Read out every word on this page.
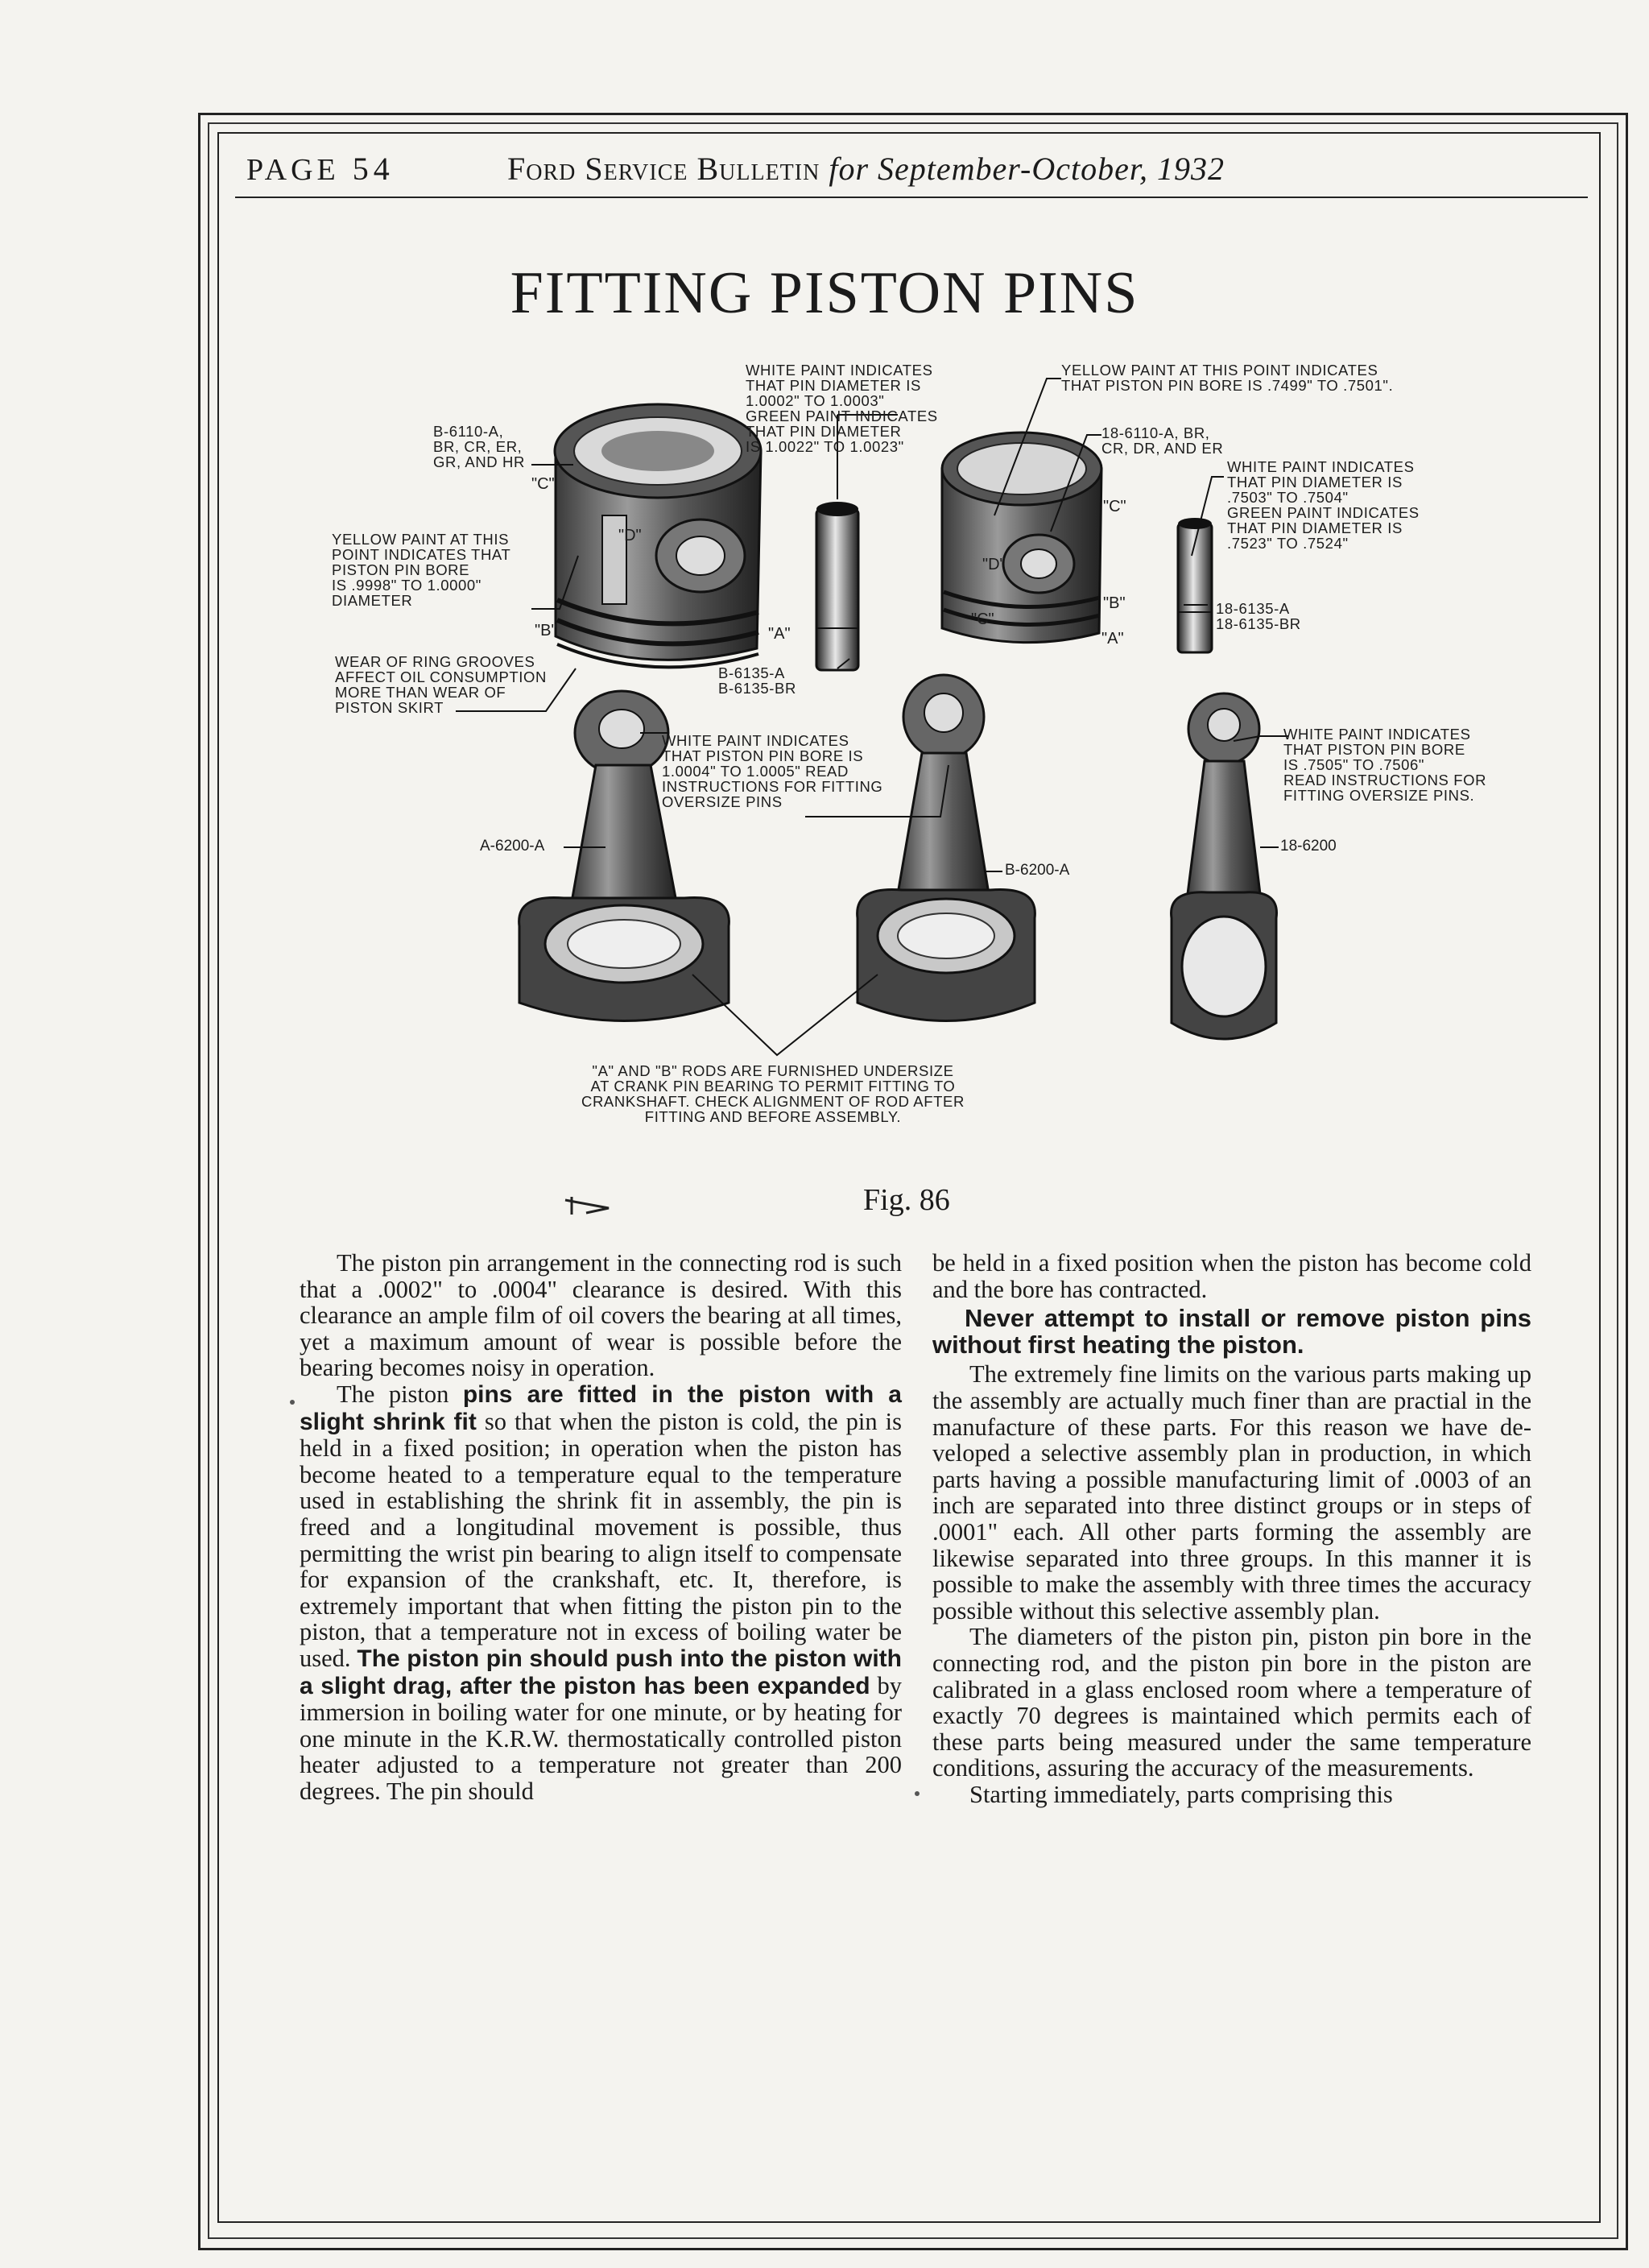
PAGE 54	Ford Service Bulletin for September-October, 1932
FITTING PISTON PINS
WHITE PAINT INDICATES
THAT PIN DIAMETER IS
1.0002" TO 1.0003"
GREEN PAINT INDICATES
THAT PIN DIAMETER
IS 1.0022" TO 1.0023"
YELLOW PAINT AT THIS POINT INDICATES
THAT PISTON PIN BORE IS .7499" TO .7501".
18-6110-A, BR,
CR, DR, AND ER
WHITE PAINT INDICATES
THAT PIN DIAMETER IS
.7503" TO .7504"
GREEN PAINT INDICATES
THAT PIN DIAMETER IS
.7523" TO .7524"
B-6110-A,
BR, CR, ER,
GR, AND HR
YELLOW PAINT AT THIS
POINT INDICATES THAT
PISTON PIN BORE
IS .9998" TO 1.0000"
DIAMETER
WEAR OF RING GROOVES
AFFECT OIL CONSUMPTION
MORE THAN WEAR OF
PISTON SKIRT
B-6135-A
B-6135-BR
18-6135-A
18-6135-BR
WHITE PAINT INDICATES
THAT PISTON PIN BORE IS
1.0004" TO 1.0005" READ
INSTRUCTIONS FOR FITTING
OVERSIZE PINS
WHITE PAINT INDICATES
THAT PISTON PIN BORE
IS .7505" TO .7506"
READ INSTRUCTIONS FOR
FITTING OVERSIZE PINS.
A-6200-A
B-6200-A
18-6200
"A" AND "B" RODS ARE FURNISHED UNDERSIZE
AT CRANK PIN BEARING TO PERMIT FITTING TO
CRANKSHAFT. CHECK ALIGNMENT OF ROD AFTER
FITTING AND BEFORE ASSEMBLY.
"C"
"D"
"B"	"A"
"C"
"D"
"C"
"B"
"A"
Fig. 86

The piston pin arrangement in the connecting rod is such that a .0002" to .0004" clearance is desired. With this clearance an ample film of oil covers the bearing at all times, yet a maximum amount of wear is possible before the bearing becomes noisy in operation.

The piston pins are fitted in the piston with a slight shrink fit so that when the piston is cold, the pin is held in a fixed position; in operation when the piston has become heated to a temperature equal to the temperature used in establishing the shrink fit in assembly, the pin is freed and a longitudinal movement is possible, thus permitting the wrist pin bearing to align itself to compensate for expansion of the crankshaft, etc. It, therefore, is extremely important that when fitting the piston pin to the piston, that a temperature not in excess of boiling water be used. The piston pin should push into the piston with a slight drag, after the piston has been expanded by immersion in boiling water for one minute, or by heating for one minute in the K.R.W. thermostatically controlled piston heater adjusted to a temperature not greater than 200 degrees. The pin should

be held in a fixed position when the piston has become cold and the bore has contracted.

Never attempt to install or remove piston pins without first heating the piston.

The extremely fine limits on the various parts making up the assembly are actually much finer than are practial in the manufacture of these parts. For this reason we have developed a selective assembly plan in production, in which parts having a possible manufacturing limit of .0003 of an inch are separated into three distinct groups or in steps of .0001" each. All other parts forming the assembly are likewise separated into three groups. In this manner it is possible to make the assembly with three times the accuracy possible without this selective assembly plan.

The diameters of the piston pin, piston pin bore in the connecting rod, and the piston pin bore in the piston are calibrated in a glass enclosed room where a temperature of exactly 70 degrees is maintained which permits each of these parts being measured under the same temperature conditions, assuring the accuracy of the measurements.

Starting immediately, parts comprising this
